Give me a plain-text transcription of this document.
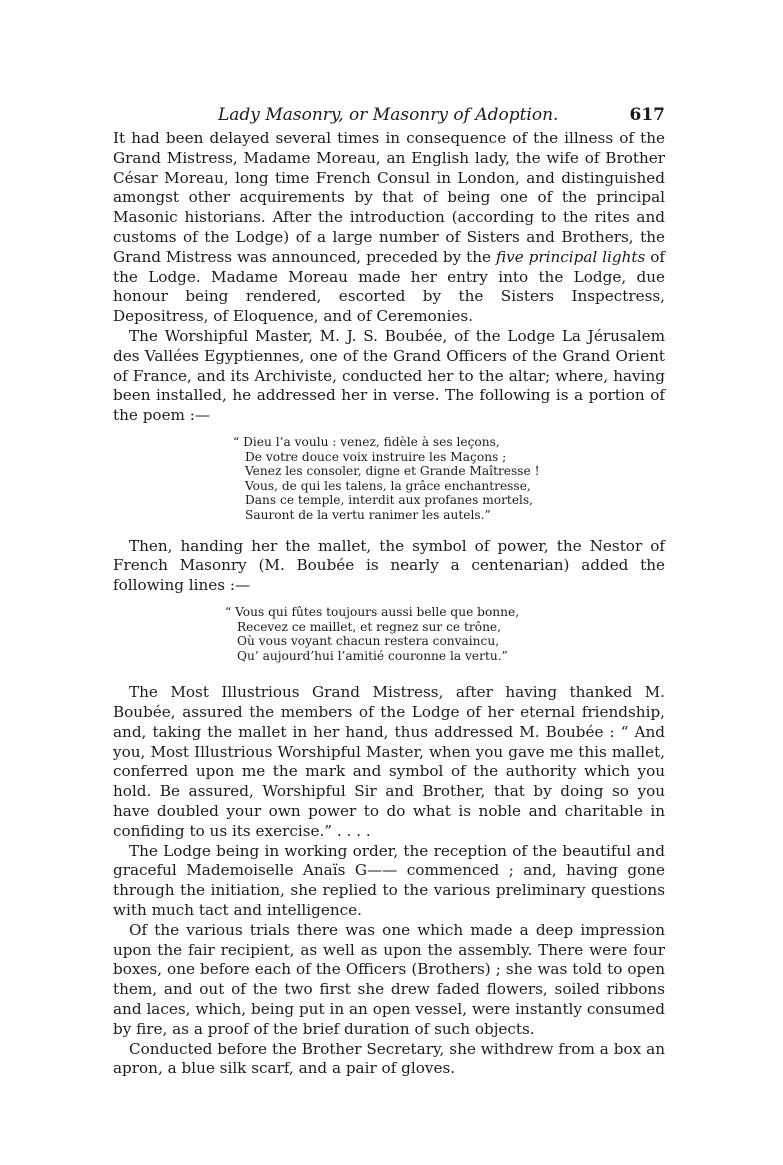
Lady Masonry, or Masonry of Adoption.	617

It had been delayed several times in consequence of the illness of the Grand Mistress, Madame Moreau, an English lady, the wife of Brother César Moreau, long time French Consul in London, and distinguished amongst other acquirements by that of being one of the principal Masonic historians. After the introduction (according to the rites and customs of the Lodge) of a large number of Sisters and Brothers, the Grand Mistress was announced, preceded by the five principal lights of the Lodge. Madame Moreau made her entry into the Lodge, due honour being rendered, escorted by the Sisters Inspectress, Depositress, of Eloquence, and of Ceremonies.

The Worshipful Master, M. J. S. Boubée, of the Lodge La Jérusalem des Vallées Egyptiennes, one of the Grand Officers of the Grand Orient of France, and its Archiviste, conducted her to the altar; where, having been installed, he addressed her in verse. The following is a portion of the poem :—

“ Dieu l’a voulu : venez, fidèle à ses leçons,
De votre douce voix instruire les Maçons ;
Venez les consoler, digne et Grande Maîtresse !
Vous, de qui les talens, la grâce enchantresse,
Dans ce temple, interdit aux profanes mortels,
Sauront de la vertu ranimer les autels.”

Then, handing her the mallet, the symbol of power, the Nestor of French Masonry (M. Boubée is nearly a centenarian) added the following lines :—

“ Vous qui fûtes toujours aussi belle que bonne,
Recevez ce maillet, et regnez sur ce trône,
Où vous voyant chacun restera convaincu,
Qu’ aujourd’hui l’amitié couronne la vertu.”

The Most Illustrious Grand Mistress, after having thanked M. Boubée, assured the members of the Lodge of her eternal friendship, and, taking the mallet in her hand, thus addressed M. Boubée : “ And you, Most Illustrious Worshipful Master, when you gave me this mallet, conferred upon me the mark and symbol of the authority which you hold. Be assured, Worshipful Sir and Brother, that by doing so you have doubled your own power to do what is noble and charitable in confiding to us its exercise.” . . . .

The Lodge being in working order, the reception of the beautiful and graceful Mademoiselle Anaïs G—— commenced ; and, having gone through the initiation, she replied to the various preliminary questions with much tact and intelligence.

Of the various trials there was one which made a deep impression upon the fair recipient, as well as upon the assembly. There were four boxes, one before each of the Officers (Brothers) ; she was told to open them, and out of the two first she drew faded flowers, soiled ribbons and laces, which, being put in an open vessel, were instantly consumed by fire, as a proof of the brief duration of such objects.

Conducted before the Brother Secretary, she withdrew from a box an apron, a blue silk scarf, and a pair of gloves.
